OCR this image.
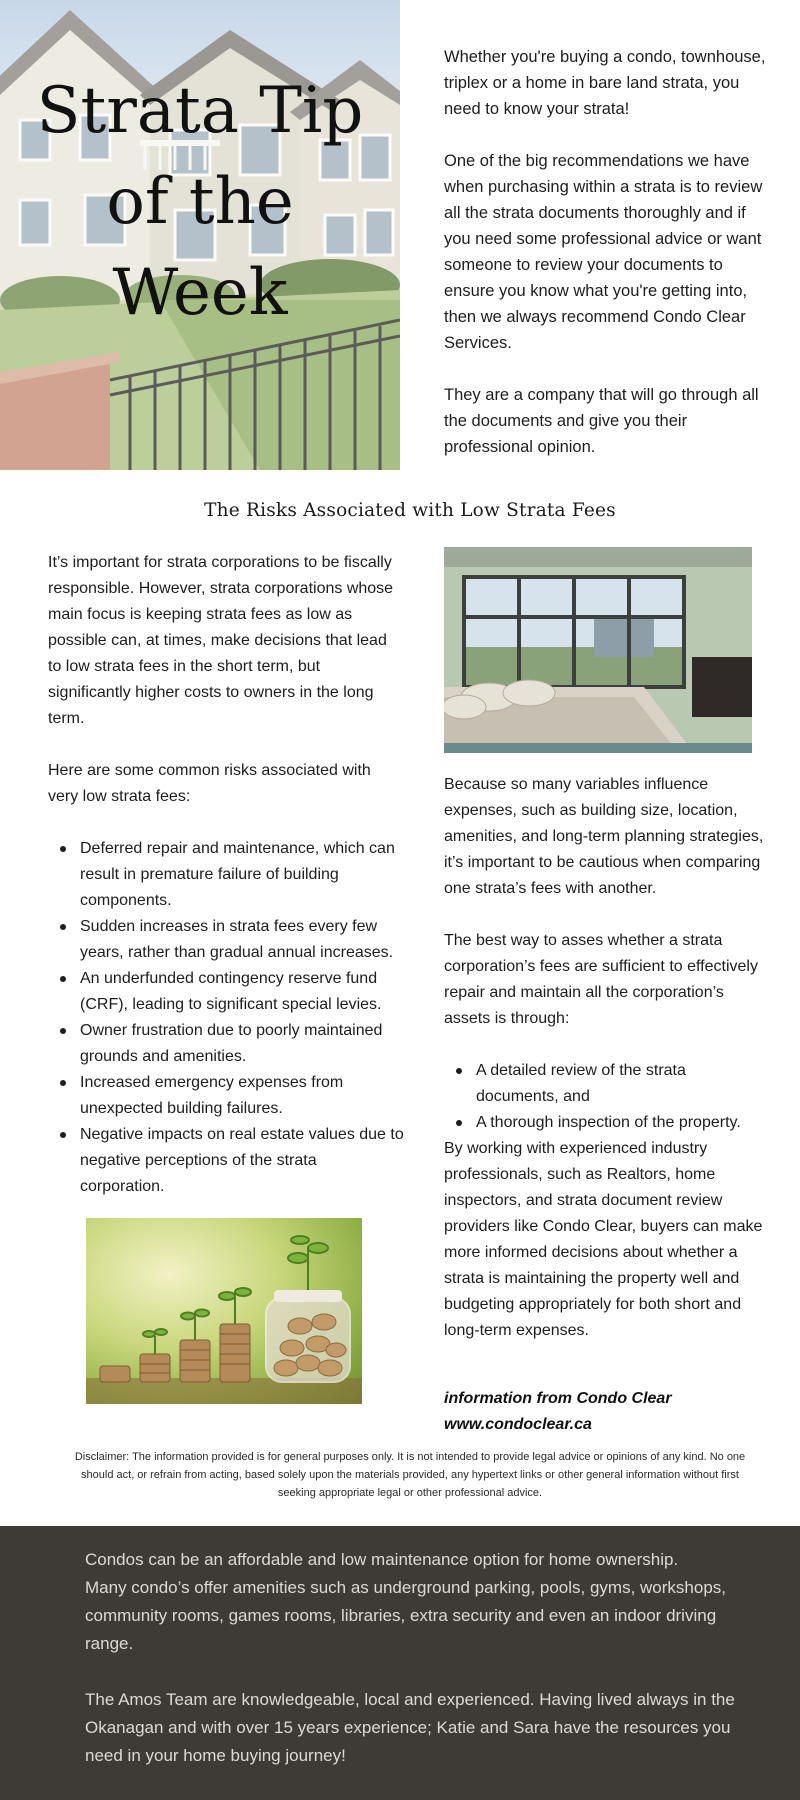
Strata Tip
of the
Week

Whether you're buying a condo, townhouse, triplex or a home in bare land strata, you need to know your strata!

One of the big recommendations we have when purchasing within a strata is to review all the strata documents thoroughly and if you need some professional advice or want someone to review your documents to ensure you know what you're getting into, then we always recommend Condo Clear Services.

They are a company that will go through all the documents and give you their professional opinion.

The Risks Associated with Low Strata Fees

It’s important for strata corporations to be fiscally responsible. However, strata corporations whose main focus is keeping strata fees as low as possible can, at times, make decisions that lead to low strata fees in the short term, but significantly higher costs to owners in the long term.

Here are some common risks associated with very low strata fees:

Deferred repair and maintenance, which can result in premature failure of building components.
Sudden increases in strata fees every few years, rather than gradual annual increases.
An underfunded contingency reserve fund (CRF), leading to significant special levies.
Owner frustration due to poorly maintained grounds and amenities.
Increased emergency expenses from unexpected building failures.
Negative impacts on real estate values due to negative perceptions of the strata corporation.

Because so many variables influence expenses, such as building size, location, amenities, and long-term planning strategies, it’s important to be cautious when comparing one strata’s fees with another.

The best way to asses whether a strata corporation’s fees are sufficient to effectively repair and maintain all the corporation’s assets is through:

A detailed review of the strata documents, and
A thorough inspection of the property.

By working with experienced industry professionals, such as Realtors, home inspectors, and strata document review providers like Condo Clear, buyers can make more informed decisions about whether a strata is maintaining the property well and budgeting appropriately for both short and long-term expenses.

information from Condo Clear
www.condoclear.ca
Disclaimer: The information provided is for general purposes only. It is not intended to provide legal advice or opinions of any kind. No one should act, or refrain from acting, based solely upon the materials provided, any hypertext links or other general information without first seeking appropriate legal or other professional advice.

Condos can be an affordable and low maintenance option for home ownership.
Many condo’s offer amenities such as underground parking, pools, gyms, workshops, community rooms, games rooms, libraries, extra security and even an indoor driving range.

The Amos Team are knowledgeable, local and experienced. Having lived always in the Okanagan and with over 15 years experience; Katie and Sara have the resources you need in your home buying journey!
